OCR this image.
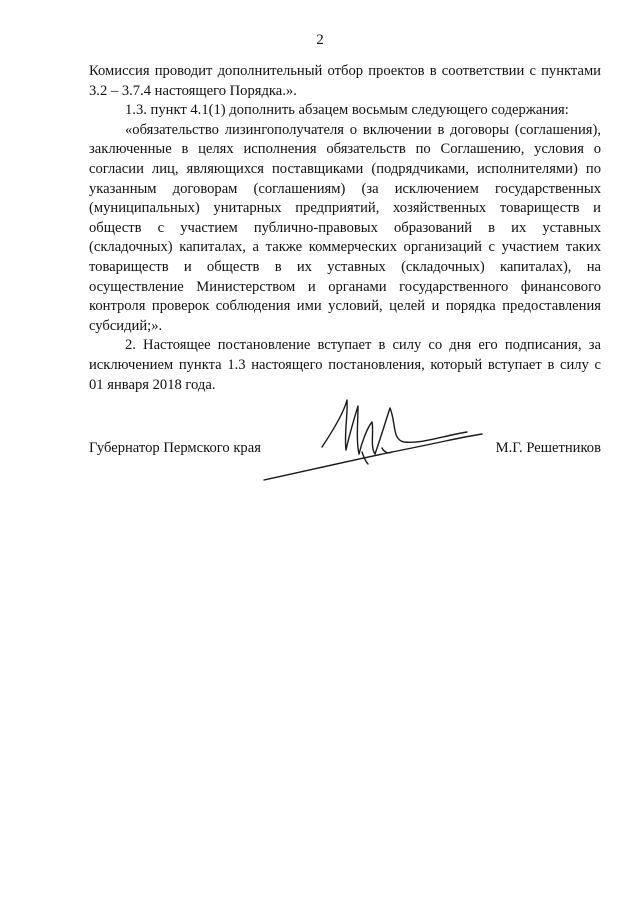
2

Комиссия проводит дополнительный отбор проектов в соответствии с пунктами 3.2 – 3.7.4 настоящего Порядка.».

1.3. пункт 4.1(1) дополнить абзацем восьмым следующего содержания:

«обязательство лизингополучателя о включении в договоры (соглашения), заключенные в целях исполнения обязательств по Соглашению, условия о согласии лиц, являющихся поставщиками (подрядчиками, исполнителями) по указанным договорам (соглашениям) (за исключением государственных (муниципальных) унитарных предприятий, хозяйственных товариществ и обществ с участием публично-правовых образований в их уставных (складочных) капиталах, а также коммерческих организаций с участием таких товариществ и обществ в их уставных (складочных) капиталах), на осуществление Министерством и органами государственного финансового контроля проверок соблюдения ими условий, целей и порядка предоставления субсидий;».

2. Настоящее постановление вступает в силу со дня его подписания, за исключением пункта 1.3 настоящего постановления, который вступает в силу с 01 января 2018 года.

Губернатор Пермского края	М.Г. Решетников
